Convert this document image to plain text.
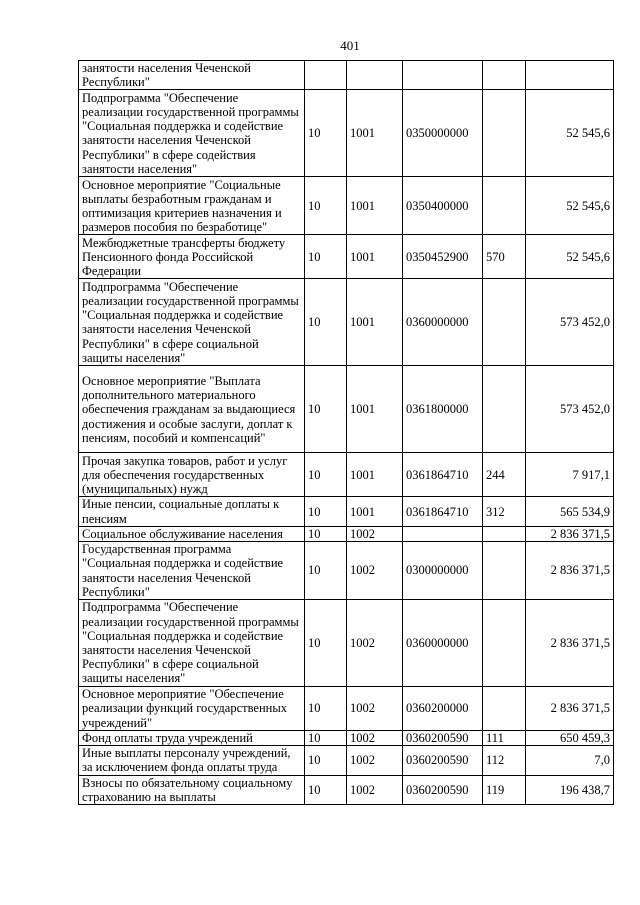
401
занятости населения Чеченской Республики"					
Подпрограмма "Обеспечение реализации государственной программы "Социальная поддержка и содействие занятости населения Чеченской Республики" в сфере содействия занятости населения"	10	1001	0350000000		52 545,6
Основное мероприятие "Социальные выплаты безработным гражданам и оптимизация критериев назначения и размеров пособия по безработице"	10	1001	0350400000		52 545,6
Межбюджетные трансферты бюджету Пенсионного фонда Российской Федерации	10	1001	0350452900	570	52 545,6
Подпрограмма "Обеспечение реализации государственной программы "Социальная поддержка и содействие занятости населения Чеченской Республики" в сфере социальной защиты населения"	10	1001	0360000000		573 452,0
Основное мероприятие "Выплата дополнительного материального обеспечения гражданам за выдающиеся достижения и особые заслуги, доплат к пенсиям, пособий и компенсаций"	10	1001	0361800000		573 452,0
Прочая закупка товаров, работ и услуг для обеспечения государственных (муниципальных) нужд	10	1001	0361864710	244	7 917,1
Иные пенсии, социальные доплаты к пенсиям	10	1001	0361864710	312	565 534,9
Социальное обслуживание населения	10	1002			2 836 371,5
Государственная программа "Социальная поддержка и содействие занятости населения Чеченской Республики"	10	1002	0300000000		2 836 371,5
Подпрограмма "Обеспечение реализации государственной программы "Социальная поддержка и содействие занятости населения Чеченской Республики" в сфере социальной защиты населения"	10	1002	0360000000		2 836 371,5
Основное мероприятие "Обеспечение реализации функций государственных учреждений"	10	1002	0360200000		2 836 371,5
Фонд оплаты труда учреждений	10	1002	0360200590	111	650 459,3
Иные выплаты персоналу учреждений, за исключением фонда оплаты труда	10	1002	0360200590	112	7,0
Взносы по обязательному социальному страхованию на выплаты	10	1002	0360200590	119	196 438,7
